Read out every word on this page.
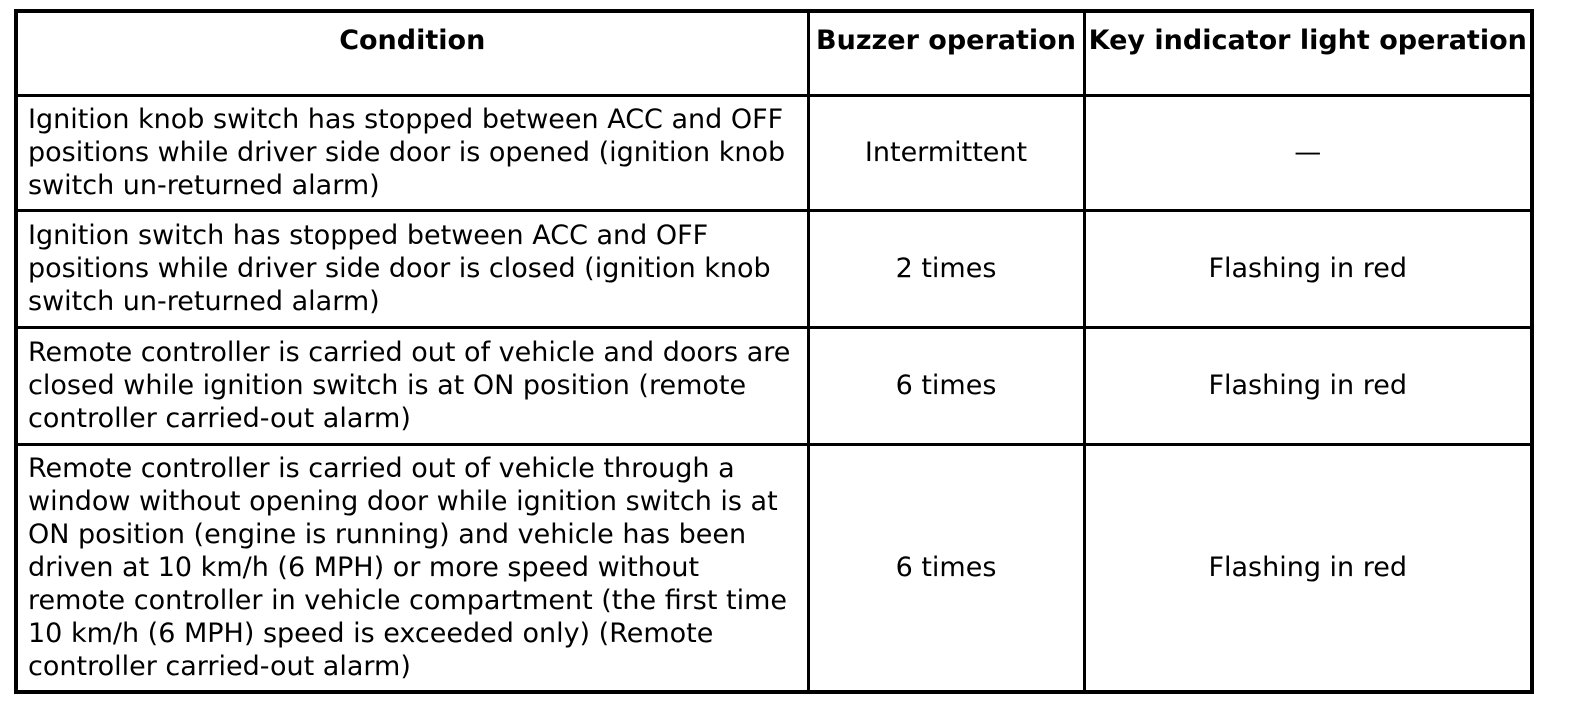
Condition	Buzzer operation	Key indicator light operation
Ignition knob switch has stopped between ACC and OFF positions while driver side door is opened (ignition knob switch un-returned alarm)	Intermittent	—
Ignition switch has stopped between ACC and OFF positions while driver side door is closed (ignition knob switch un-returned alarm)	2 times	Flashing in red
Remote controller is carried out of vehicle and doors are closed while ignition switch is at ON position (remote controller carried-out alarm)	6 times	Flashing in red
Remote controller is carried out of vehicle through a window without opening door while ignition switch is at ON position (engine is running) and vehicle has been driven at 10 km/h (6 MPH) or more speed without remote controller in vehicle compartment (the first time 10 km/h (6 MPH) speed is exceeded only) (Remote controller carried-out alarm)	6 times	Flashing in red
